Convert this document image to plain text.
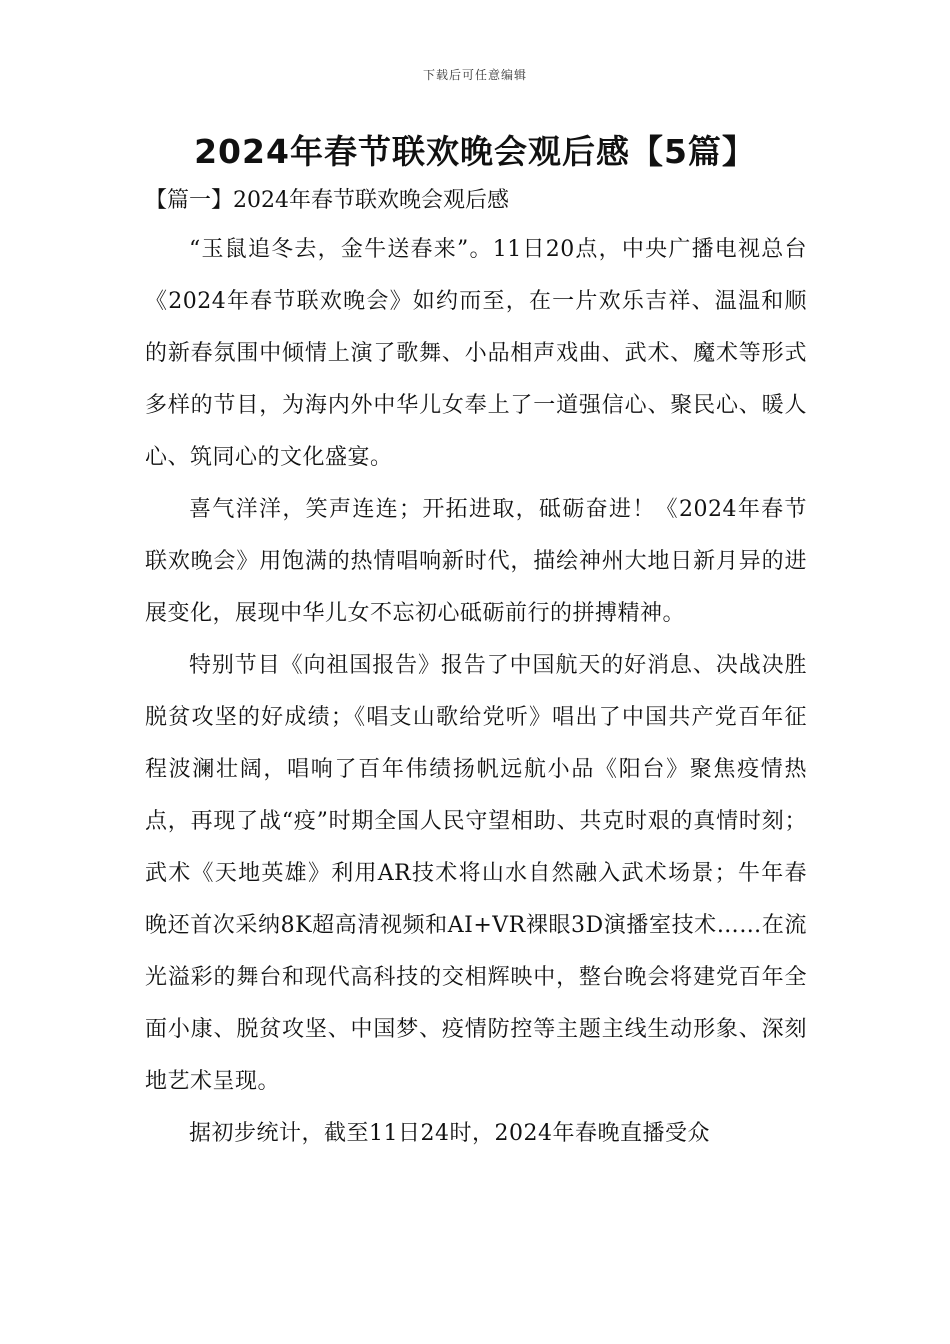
下载后可任意编辑
2024年春节联欢晚会观后感【5篇】
【篇一】2024年春节联欢晚会观后感

“玉鼠追冬去，金牛送春来”。11日20点，中央广播电视总台《2024年春节联欢晚会》如约而至，在一片欢乐吉祥、温温和顺的新春氛围中倾情上演了歌舞、小品相声戏曲、武术、魔术等形式多样的节目，为海内外中华儿女奉上了一道强信心、聚民心、暖人心、筑同心的文化盛宴。

喜气洋洋，笑声连连；开拓进取，砥砺奋进！《2024年春节联欢晚会》用饱满的热情唱响新时代，描绘神州大地日新月异的进展变化，展现中华儿女不忘初心砥砺前行的拼搏精神。

特别节目《向祖国报告》报告了中国航天的好消息、决战决胜脱贫攻坚的好成绩；《唱支山歌给党听》唱出了中国共产党百年征程波澜壮阔，唱响了百年伟绩扬帆远航小品《阳台》聚焦疫情热点，再现了战“疫”时期全国人民守望相助、共克时艰的真情时刻；武术《天地英雄》利用AR技术将山水自然融入武术场景；牛年春晚还首次采纳8K超高清视频和AI+VR裸眼3D演播室技术……在流光溢彩的舞台和现代高科技的交相辉映中，整台晚会将建党百年全面小康、脱贫攻坚、中国梦、疫情防控等主题主线生动形象、深刻地艺术呈现。

据初步统计，截至11日24时，2024年春晚直播受众
